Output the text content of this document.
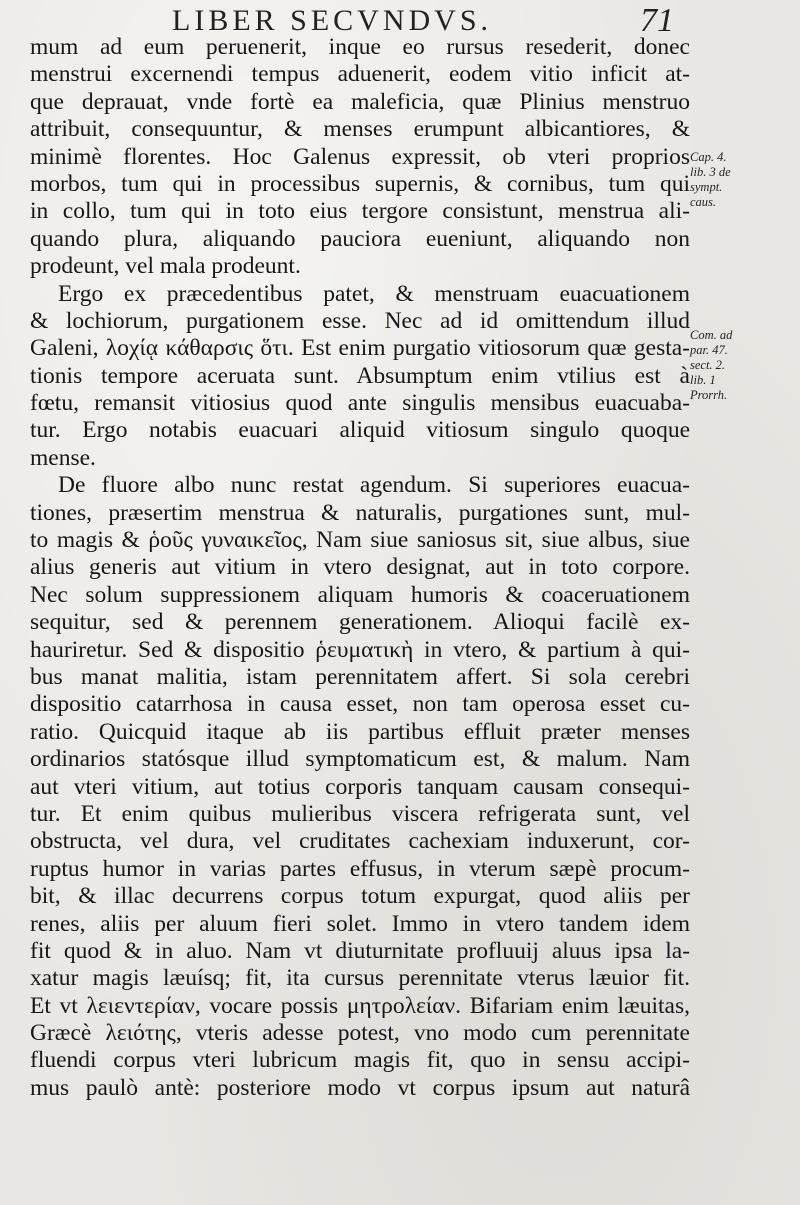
LIBER SECVNDVS.	71
mum ad eum peruenerit, inque eo rursus resederit, donec
menstrui excernendi tempus aduenerit, eodem vitio inficit at-
que deprauat, vnde fortè ea maleficia, quæ Plinius menstruo
attribuit, consequuntur, & menses erumpunt albicantiores, &
minimè florentes. Hoc Galenus expressit, ob vteri proprios
morbos, tum qui in processibus supernis, & cornibus, tum qui
in collo, tum qui in toto eius tergore consistunt, menstrua ali-
quando plura, aliquando pauciora eueniunt, aliquando non
prodeunt, vel mala prodeunt.
Ergo ex præcedentibus patet, & menstruam euacuationem
& lochiorum, purgationem esse. Nec ad id omittendum illud
Galeni, λοχίᾳ κάθαρσις ὅτι. Est enim purgatio vitiosorum quæ gesta-
tionis tempore aceruata sunt. Absumptum enim vtilius est à
fœtu, remansit vitiosius quod ante singulis mensibus euacuaba-
tur. Ergo notabis euacuari aliquid vitiosum singulo quoque
mense.
De fluore albo nunc restat agendum. Si superiores euacua-
tiones, præsertim menstrua & naturalis, purgationes sunt, mul-
to magis & ῥοῦς γυναικεῖος, Nam siue saniosus sit, siue albus, siue
alius generis aut vitium in vtero designat, aut in toto corpore.
Nec solum suppressionem aliquam humoris & coaceruationem
sequitur, sed & perennem generationem. Alioqui facilè ex-
hauriretur. Sed & dispositio ῥευματικὴ in vtero, & partium à qui-
bus manat malitia, istam perennitatem affert. Si sola cerebri
dispositio catarrhosa in causa esset, non tam operosa esset cu-
ratio. Quicquid itaque ab iis partibus effluit præter menses
ordinarios statósque illud symptomaticum est, & malum. Nam
aut vteri vitium, aut totius corporis tanquam causam consequi-
tur. Et enim quibus mulieribus viscera refrigerata sunt, vel
obstructa, vel dura, vel cruditates cachexiam induxerunt, cor-
ruptus humor in varias partes effusus, in vterum sæpè procum-
bit, & illac decurrens corpus totum expurgat, quod aliis per
renes, aliis per aluum fieri solet. Immo in vtero tandem idem
fit quod & in aluo. Nam vt diuturnitate profluuij aluus ipsa la-
xatur magis læuísq; fit, ita cursus perennitate vterus læuior fit.
Et vt λειεντερίαν, vocare possis μητρολείαν. Bifariam enim læuitas,
Græcè λειότης, vteris adesse potest, vno modo cum perennitate
fluendi corpus vteri lubricum magis fit, quo in sensu accipi-
mus paulò antè: posteriore modo vt corpus ipsum aut naturâ
Cap. 4.
lib. 3 de
sympt.
caus.
Com. ad
par. 47.
sect. 2.
lib. 1
Prorrh.
